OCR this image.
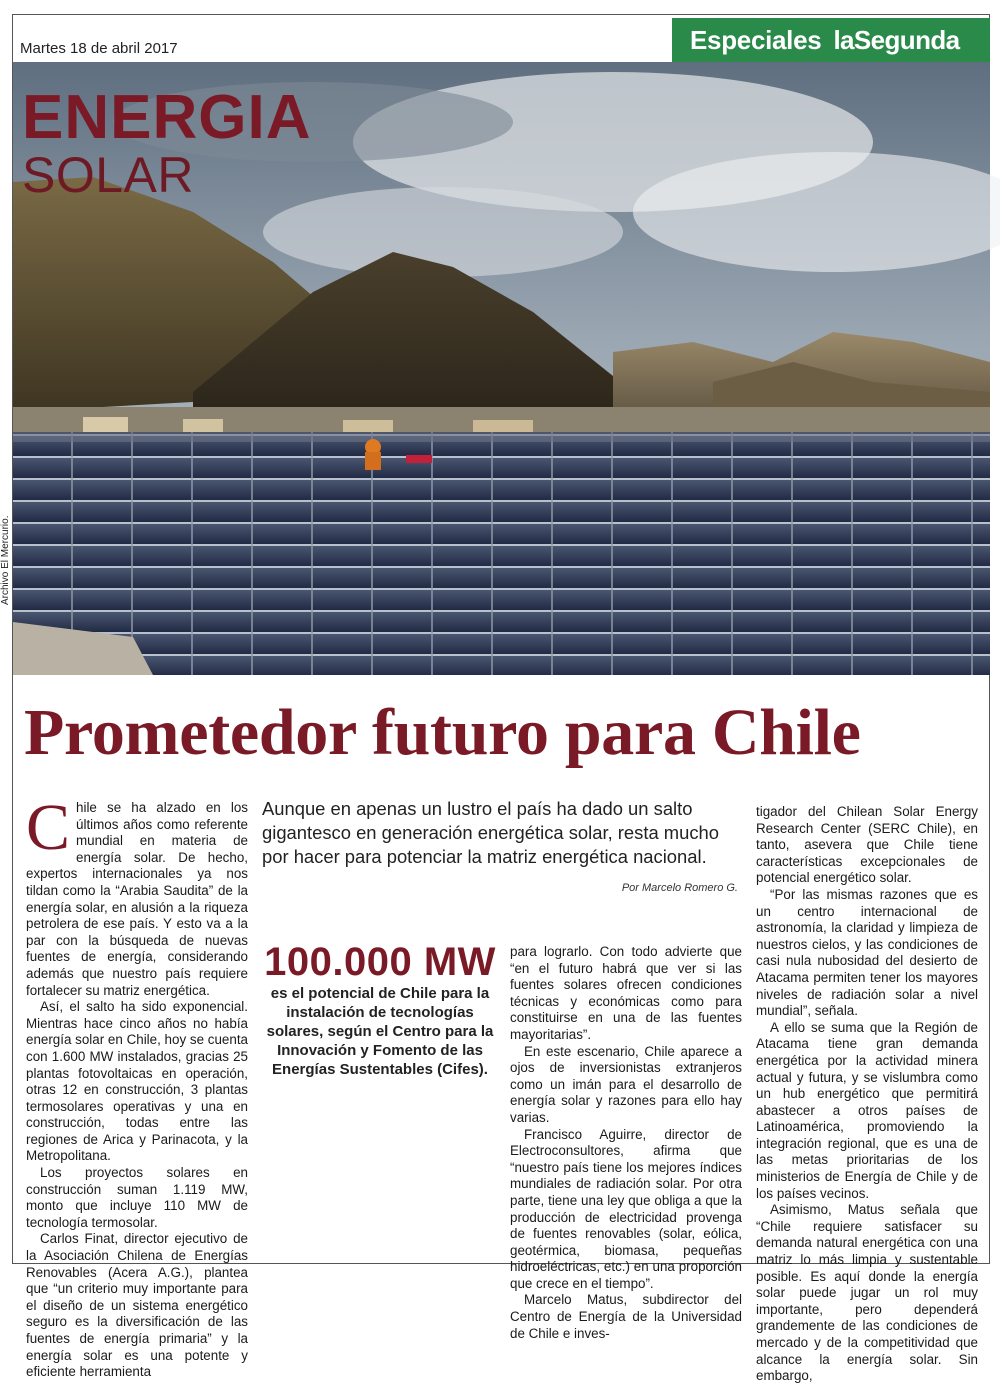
Martes 18 de abril 2017	Especiales laSegunda
ENERGIA
SOLAR
Archivo El Mercurio.
Prometedor futuro para Chile

Chile se ha alzado en los últimos años como referente mundial en materia de energía solar. De hecho, expertos internacionales ya nos tildan como la “Arabia Saudita” de la energía solar, en alusión a la riqueza petrolera de ese país. Y esto va a la par con la búsqueda de nuevas fuentes de energía, considerando además que nuestro país requiere fortalecer su matriz energética.

Así, el salto ha sido exponencial. Mientras hace cinco años no había energía solar en Chile, hoy se cuenta con 1.600 MW instalados, gracias 25 plantas fotovoltaicas en operación, otras 12 en construcción, 3 plantas termosolares operativas y una en construcción, todas entre las regiones de Arica y Parinacota, y la Metropolitana.

Los proyectos solares en construcción suman 1.119 MW, monto que incluye 110 MW de tecnología termosolar.

Carlos Finat, director ejecutivo de la Asociación Chilena de Energías Renovables (Acera A.G.), plantea que “un criterio muy importante para el diseño de un sistema energético seguro es la diversificación de las fuentes de energía primaria” y la energía solar es una potente y eficiente herramienta

Aunque en apenas un lustro el país ha dado un salto gigantesco en generación energética solar, resta mucho por hacer para potenciar la matriz energética nacional.
Por Marcelo Romero G.
100.000 MW
es el potencial de Chile para la instalación de tecnologías solares, según el Centro para la Innovación y Fomento de las Energías Sustentables (Cifes).

para lograrlo. Con todo advierte que “en el futuro habrá que ver si las fuentes solares ofrecen condiciones técnicas y económicas como para constituirse en una de las fuentes mayoritarias”.

En este escenario, Chile aparece a ojos de inversionistas extranjeros como un imán para el desarrollo de energía solar y razones para ello hay varias.

Francisco Aguirre, director de Electroconsultores, afirma que “nuestro país tiene los mejores índices mundiales de radiación solar. Por otra parte, tiene una ley que obliga a que la producción de electricidad provenga de fuentes renovables (solar, eólica, geotérmica, biomasa, pequeñas hidroeléctricas, etc.) en una proporción que crece en el tiempo”.

Marcelo Matus, subdirector del Centro de Energía de la Universidad de Chile e inves-

tigador del Chilean Solar Energy Research Center (SERC Chile), en tanto, asevera que Chile tiene características excepcionales de potencial energético solar.

“Por las mismas razones que es un centro internacional de astronomía, la claridad y limpieza de nuestros cielos, y las condiciones de casi nula nubosidad del desierto de Atacama permiten tener los mayores niveles de radiación solar a nivel mundial”, señala.

A ello se suma que la Región de Atacama tiene gran demanda energética por la actividad minera actual y futura, y se vislumbra como un hub energético que permitirá abastecer a otros países de Latinoamérica, promoviendo la integración regional, que es una de las metas prioritarias de los ministerios de Energía de Chile y de los países vecinos.

Asimismo, Matus señala que “Chile requiere satisfacer su demanda natural energética con una matriz lo más limpia y sustentable posible. Es aquí donde la energía solar puede jugar un rol muy importante, pero dependerá grandemente de las condiciones de mercado y de la competitividad que alcance la energía solar. Sin embargo,
